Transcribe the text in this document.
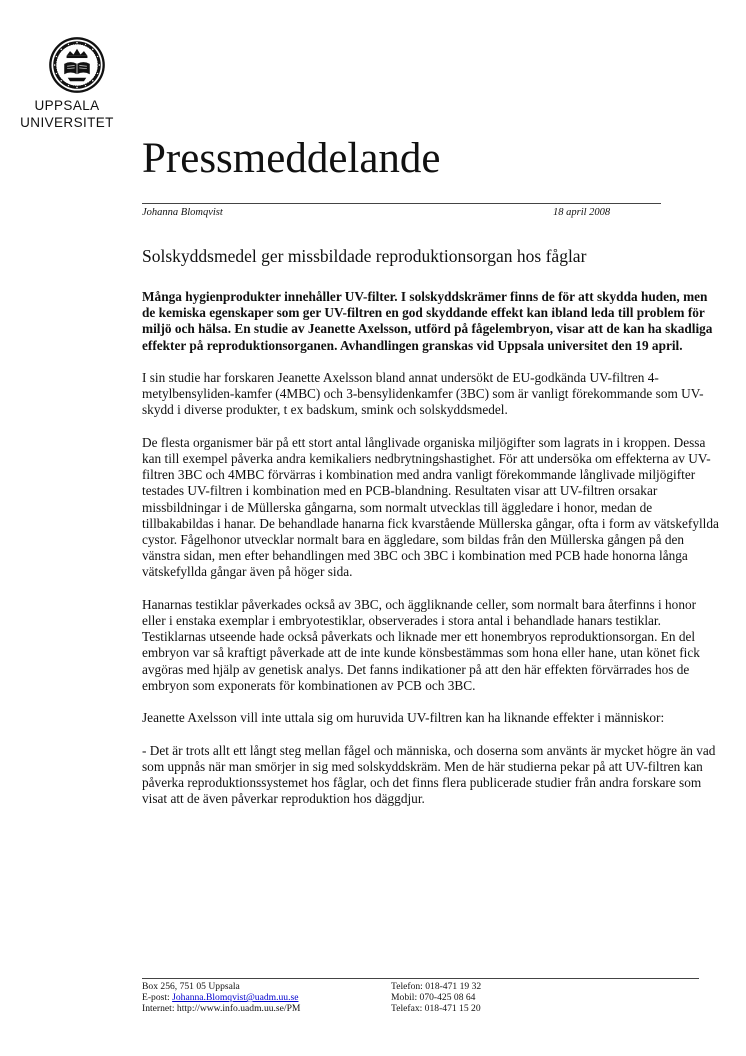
UPPSALA
UNIVERSITET
Pressmeddelande
Johanna Blomqvist	18 april 2008
Solskyddsmedel ger missbildade reproduktionsorgan hos fåglar

Många hygienprodukter innehåller UV-filter. I solskyddskrämer finns de för att skydda huden, men de kemiska egenskaper som ger UV-filtren en god skyddande effekt kan ibland leda till problem för miljö och hälsa. En studie av Jeanette Axelsson, utförd på fågelembryon, visar att de kan ha skadliga effekter på reproduktionsorganen. Avhandlingen granskas vid Uppsala universitet den 19 april.

I sin studie har forskaren Jeanette Axelsson bland annat undersökt de EU-godkända UV-filtren 4-metylbensyliden-kamfer (4MBC) och 3-bensylidenkamfer (3BC) som är vanligt förekommande som UV-skydd i diverse produkter, t ex badskum, smink och solskyddsmedel.

De flesta organismer bär på ett stort antal långlivade organiska miljögifter som lagrats in i kroppen. Dessa kan till exempel påverka andra kemikaliers nedbrytningshastighet. För att undersöka om effekterna av UV-filtren 3BC och 4MBC förvärras i kombination med andra vanligt förekommande långlivade miljögifter testades UV-filtren i kombination med en PCB-blandning. Resultaten visar att UV-filtren orsakar missbildningar i de Müllerska gångarna, som normalt utvecklas till äggledare i honor, medan de tillbakabildas i hanar. De behandlade hanarna fick kvarstående Müllerska gångar, ofta i form av vätskefyllda cystor. Fågelhonor utvecklar normalt bara en äggledare, som bildas från den Müllerska gången på den vänstra sidan, men efter behandlingen med 3BC och 3BC i kombination med PCB hade honorna långa vätskefyllda gångar även på höger sida.

Hanarnas testiklar påverkades också av 3BC, och äggliknande celler, som normalt bara återfinns i honor eller i enstaka exemplar i embryotestiklar, observerades i stora antal i behandlade hanars testiklar. Testiklarnas utseende hade också påverkats och liknade mer ett honembryos reproduktionsorgan. En del embryon var så kraftigt påverkade att de inte kunde könsbestämmas som hona eller hane, utan könet fick avgöras med hjälp av genetisk analys. Det fanns indikationer på att den här effekten förvärrades hos de embryon som exponerats för kombinationen av PCB och 3BC.

Jeanette Axelsson vill inte uttala sig om huruvida UV-filtren kan ha liknande effekter i människor:

- Det är trots allt ett långt steg mellan fågel och människa, och doserna som använts är mycket högre än vad som uppnås när man smörjer in sig med solskyddskräm. Men de här studierna pekar på att UV-filtren kan påverka reproduktionssystemet hos fåglar, och det finns flera publicerade studier från andra forskare som visat att de även påverkar reproduktion hos däggdjur.

Box 256, 751 05 Uppsala
E-post: Johanna.Blomqvist@uadm.uu.se
Internet: http://www.info.uadm.uu.se/PM
Telefon: 018-471 19 32
Mobil: 070-425 08 64
Telefax: 018-471 15 20
